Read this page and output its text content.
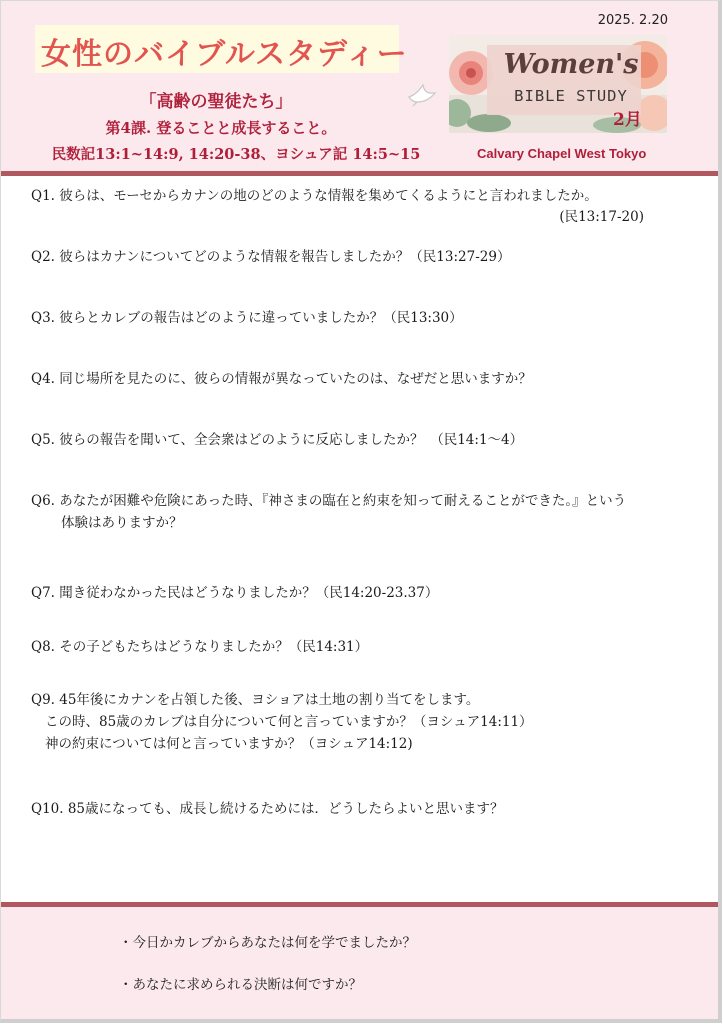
2025. 2.20
女性のバイブルスタディー
「高齢の聖徒たち」
第4課. 登ることと成長すること。
民数記13:1~14:9, 14:20-38、ヨシュア記 14:5~15
Women's
BIBLE STUDY
2月
Calvary Chapel West Tokyo
Q1. 彼らは、モーセからカナンの地のどのような情報を集めてくるようにと言われましたか。
(民13:17-20)
Q2. 彼らはカナンについてどのような情報を報告しましたか？（民13:27-29）
Q3. 彼らとカレブの報告はどのように違っていましたか？（民13:30）
Q4. 同じ場所を見たのに、彼らの情報が異なっていたのは、なぜだと思いますか？
Q5. 彼らの報告を聞いて、全会衆はどのように反応しましたか？　（民14:1～4）
Q6. あなたが困難や危険にあった時、『神さまの臨在と約束を知って耐えることができた。』という
体験はありますか？
Q7. 聞き従わなかった民はどうなりましたか？（民14:20-23.37）
Q8. その子どもたちはどうなりましたか？（民14:31）
Q9. 45年後にカナンを占領した後、ヨショアは土地の割り当てをします。
この時、85歳のカレブは自分について何と言っていますか？（ヨシュア14:11）
神の約束については何と言っていますか？（ヨシュア14:12)
Q10. 85歳になっても、成長し続けるためには．どうしたらよいと思います？
・今日かカレブからあなたは何を学でましたか？
・あなたに求められる決断は何ですか？
